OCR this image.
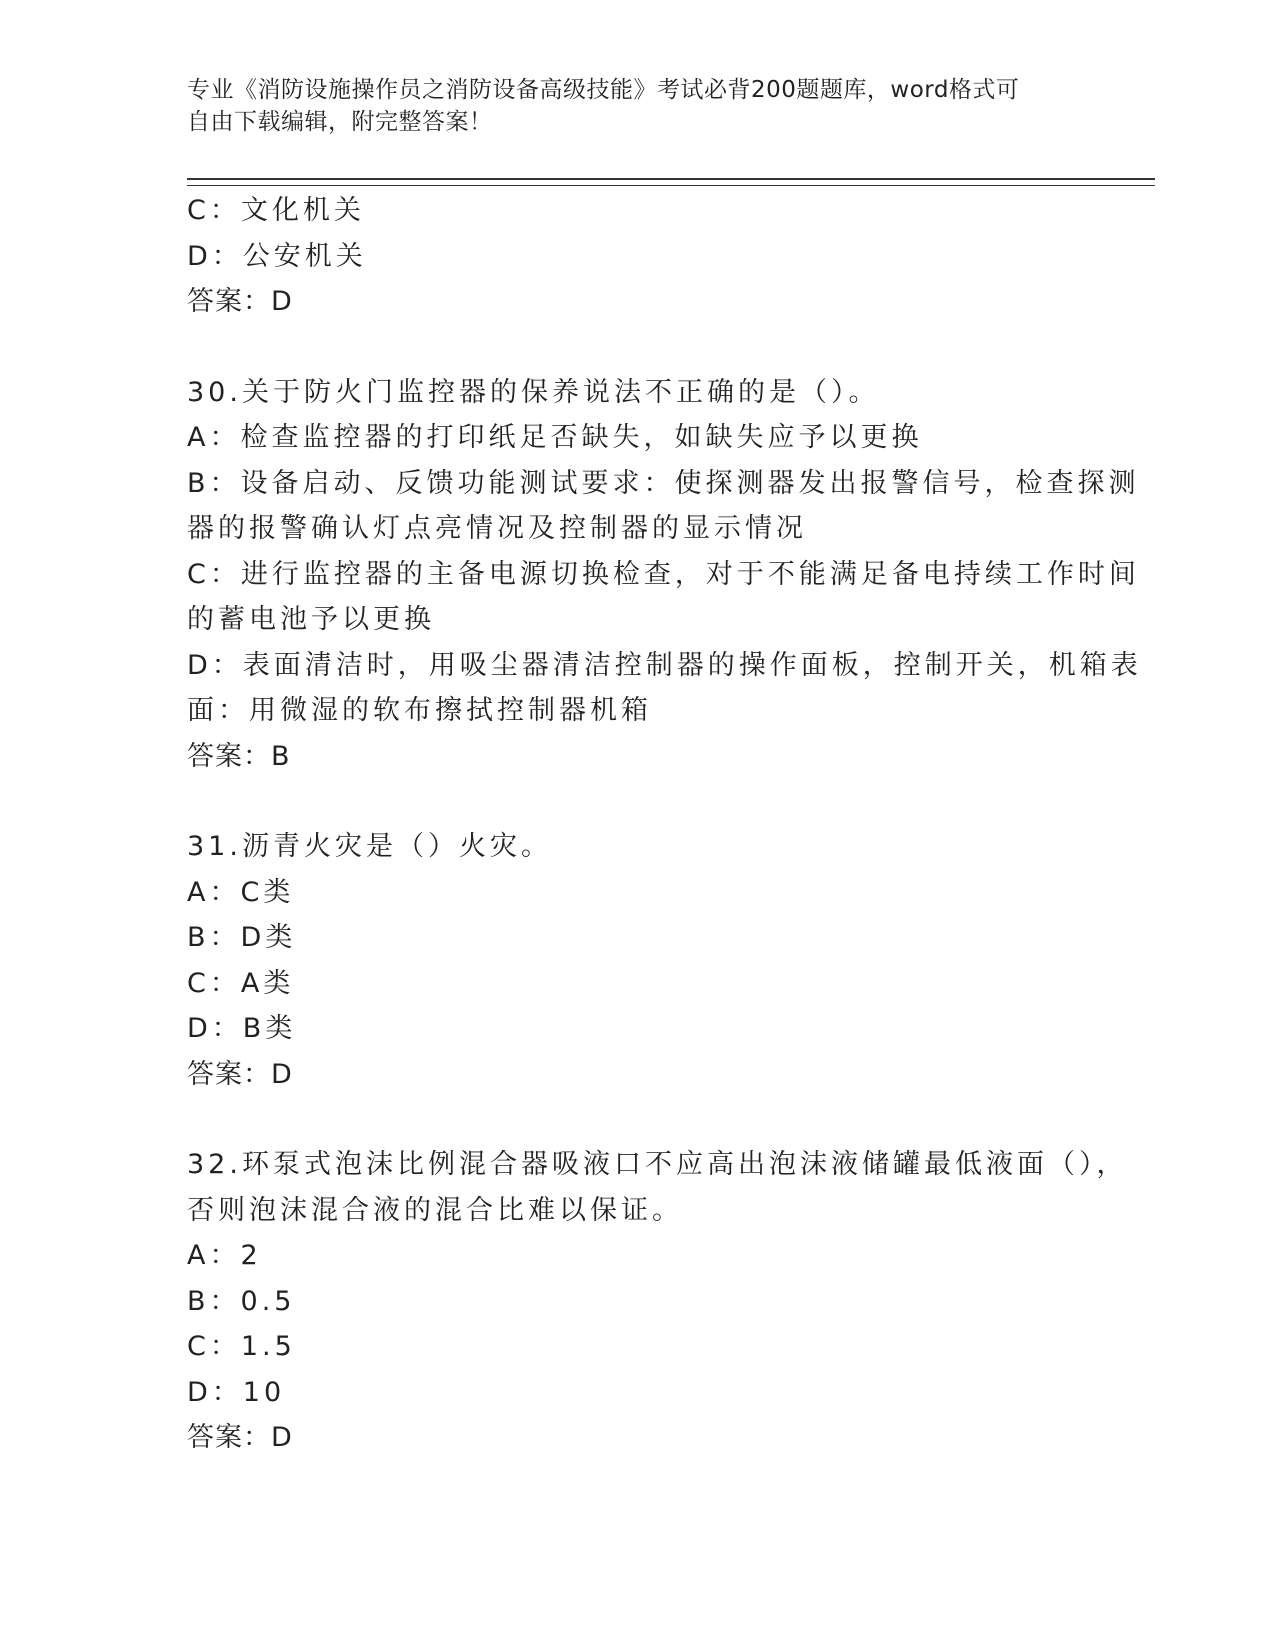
专业《消防设施操作员之消防设备高级技能》考试必背200题题库，word格式可
自由下载编辑，附完整答案！
C：文化机关
D：公安机关
答案：D
30.关于防火门监控器的保养说法不正确的是（）。
A：检查监控器的打印纸足否缺失，如缺失应予以更换
B：设备启动、反馈功能测试要求：使探测器发出报警信号，检查探测
器的报警确认灯点亮情况及控制器的显示情况
C：进行监控器的主备电源切换检查，对于不能满足备电持续工作时间
的蓄电池予以更换
D：表面清洁时，用吸尘器清洁控制器的操作面板，控制开关，机箱表
面：用微湿的软布擦拭控制器机箱
答案：B
31.沥青火灾是（）火灾。
A：C类
B：D类
C：A类
D：B类
答案：D
32.环泵式泡沫比例混合器吸液口不应高出泡沫液储罐最低液面（），
否则泡沫混合液的混合比难以保证。
A：2
B：0.5
C：1.5
D：10
答案：D
